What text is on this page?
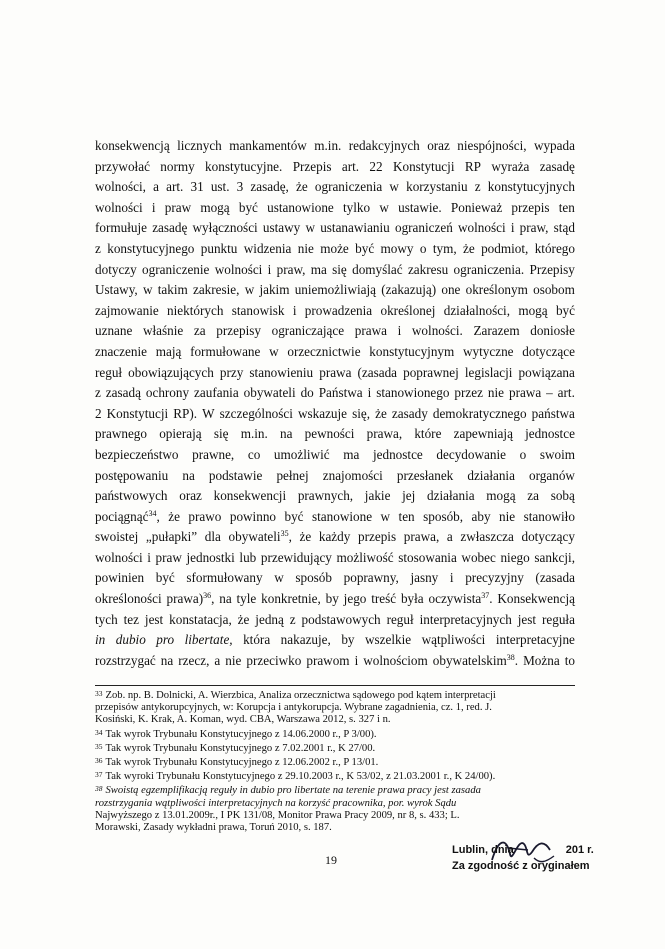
konsekwencją licznych mankamentów m.in. redakcyjnych oraz niespójności, wypada
przywołać normy konstytucyjne. Przepis art. 22 Konstytucji RP wyraża zasadę
wolności, a art. 31 ust. 3 zasadę, że ograniczenia w korzystaniu z konstytucyjnych
wolności i praw mogą być ustanowione tylko w ustawie. Ponieważ przepis ten
formułuje zasadę wyłączności ustawy w ustanawianiu ograniczeń wolności i praw, stąd
z konstytucyjnego punktu widzenia nie może być mowy o tym, że podmiot, którego
dotyczy ograniczenie wolności i praw, ma się domyślać zakresu ograniczenia. Przepisy
Ustawy, w takim zakresie, w jakim uniemożliwiają (zakazują) one określonym osobom
zajmowanie niektórych stanowisk i prowadzenia określonej działalności, mogą być
uznane właśnie za przepisy ograniczające prawa i wolności. Zarazem doniosłe
znaczenie mają formułowane w orzecznictwie konstytucyjnym wytyczne dotyczące
reguł obowiązujących przy stanowieniu prawa (zasada poprawnej legislacji powiązana
z zasadą ochrony zaufania obywateli do Państwa i stanowionego przez nie prawa – art.
2 Konstytucji RP). W szczególności wskazuje się, że zasady demokratycznego państwa
prawnego opierają się m.in. na pewności prawa, które zapewniają jednostce
bezpieczeństwo prawne, co umożliwić ma jednostce decydowanie o swoim
postępowaniu na podstawie pełnej znajomości przesłanek działania organów
państwowych oraz konsekwencji prawnych, jakie jej działania mogą za sobą
pociągnąć$^{34}$, że prawo powinno być stanowione w ten sposób, aby nie stanowiło
swoistej „pułapki” dla obywateli$^{35}$, że każdy przepis prawa, a zwłaszcza dotyczący
wolności i praw jednostki lub przewidujący możliwość stosowania wobec niego sankcji,
powinien być sformułowany w sposób poprawny, jasny i precyzyjny (zasada
określoności prawa)$^{36}$, na tyle konkretnie, by jego treść była oczywista$^{37}$. Konsekwencją
tych tez jest konstatacja, że jedną z podstawowych reguł interpretacyjnych jest reguła
in dubio pro libertate, która nakazuje, by wszelkie wątpliwości interpretacyjne
rozstrzygać na rzecz, a nie przeciwko prawom i wolnościom obywatelskim$^{38}$. Można to
33 Zob. np. B. Dolnicki, A. Wierzbica, Analiza orzecznictwa sądowego pod kątem interpretacji
przepisów antykorupcyjnych, w: Korupcja i antykorupcja. Wybrane zagadnienia, cz. 1, red. J.
Kosiński, K. Krak, A. Koman, wyd. CBA, Warszawa 2012, s. 327 i n.
34 Tak wyrok Trybunału Konstytucyjnego z 14.06.2000 r., P 3/00).
35 Tak wyrok Trybunału Konstytucyjnego z 7.02.2001 r., K 27/00.
36 Tak wyrok Trybunału Konstytucyjnego z 12.06.2002 r., P 13/01.
37 Tak wyroki Trybunału Konstytucyjnego z 29.10.2003 r., K 53/02, z 21.03.2001 r., K 24/00).
38 Swoistą egzemplifikacją reguły in dubio pro libertate na terenie prawa pracy jest zasada
rozstrzygania wątpliwości interpretacyjnych na korzyść pracownika, por. wyrok Sądu
Najwyższego z 13.01.2009r., I PK 131/08, Monitor Prawa Pracy 2009, nr 8, s. 433; L.
Morawski, Zasady wykładni prawa, Toruń 2010, s. 187.
19
Lublin, dnia	201 r.
Za zgodność z oryginałem
